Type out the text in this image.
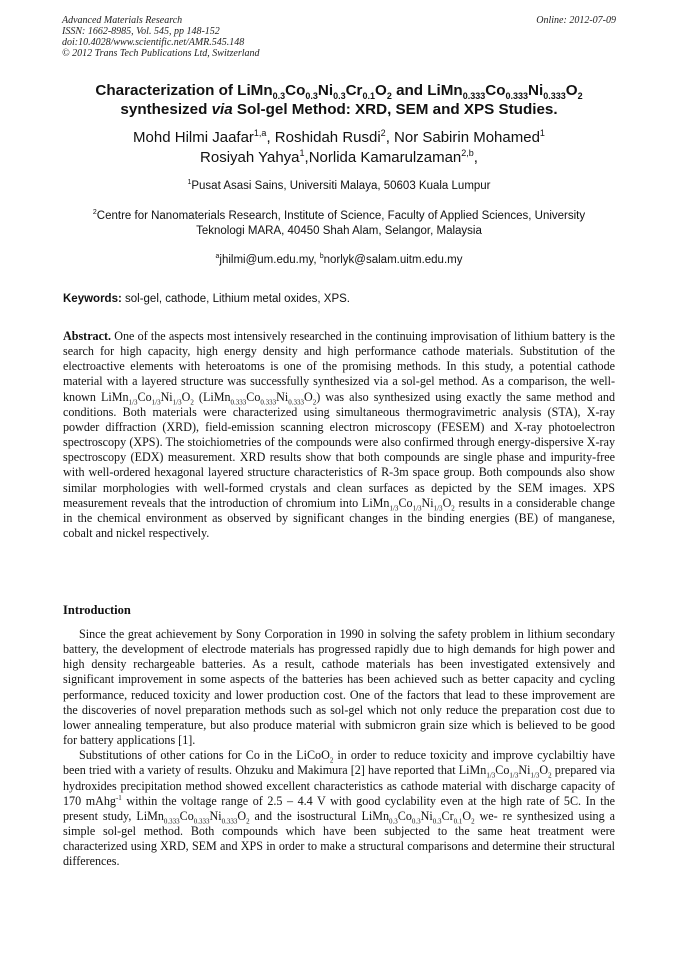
Advanced Materials Research
ISSN: 1662-8985, Vol. 545, pp 148-152
doi:10.4028/www.scientific.net/AMR.545.148
© 2012 Trans Tech Publications Ltd, Switzerland
Online: 2012-07-09
Characterization of $LiMn_{0.3}Co_{0.3}Ni_{0.3}Cr_{0.1}O_2$ and $LiMn_{0.333}Co_{0.333}Ni_{0.333}O_2$
synthesized via Sol-gel Method: XRD, SEM and XPS Studies.
Mohd Hilmi Jaafar$^{1,a}$, Roshidah Rusdi$^2$, Nor Sabirin Mohamed$^1$
Rosiyah Yahya$^1$,Norlida Kamarulzaman$^{2,b}$,
$^1$Pusat Asasi Sains, Universiti Malaya, 50603 Kuala Lumpur
$^2$Centre for Nanomaterials Research, Institute of Science, Faculty of Applied Sciences, University
Teknologi MARA, 40450 Shah Alam, Selangor, Malaysia
$^a$jhilmi@um.edu.my, $^b$norlyk@salam.uitm.edu.my
Keywords: sol-gel, cathode, Lithium metal oxides, XPS.

Abstract. One of the aspects most intensively researched in the continuing improvisation of lithium battery is the search for high capacity, high energy density and high performance cathode materials. Substitution of the electroactive elements with heteroatoms is one of the promising methods. In this study, a potential cathode material with a layered structure was successfully synthesized via a sol-gel method. As a comparison, the well-known $LiMn_{1/3}Co_{1/3}Ni_{1/3}O_2$ $(LiMn_{0.333}Co_{0.333}Ni_{0.333}O_2)$ was also synthesized using exactly the same method and conditions. Both materials were characterized using simultaneous thermogravimetric analysis (STA), X-ray powder diffraction (XRD), field-emission scanning electron microscopy (FESEM) and X-ray photoelectron spectroscopy (XPS). The stoichiometries of the compounds were also confirmed through energy-dispersive X-ray spectroscopy (EDX) measurement. XRD results show that both compounds are single phase and impurity-free with well-ordered hexagonal layered structure characteristics of R-3m space group. Both compounds also show similar morphologies with well-formed crystals and clean surfaces as depicted by the SEM images. XPS measurement reveals that the introduction of chromium into $LiMn_{1/3}Co_{1/3}Ni_{1/3}O_2$ results in a considerable change in the chemical environment as observed by significant changes in the binding energies (BE) of manganese, cobalt and nickel respectively.

Introduction

Since the great achievement by Sony Corporation in 1990 in solving the safety problem in lithium secondary battery, the development of electrode materials has progressed rapidly due to high demands for high power and high density rechargeable batteries. As a result, cathode materials has been investigated extensively and significant improvement in some aspects of the batteries has been achieved such as better capacity and cycling performance, reduced toxicity and lower production cost. One of the factors that lead to these improvement are the discoveries of novel preparation methods such as sol-gel which not only reduce the preparation cost due to lower annealing temperature, but also produce material with submicron grain size which is believed to be good for battery applications [1].

Substitutions of other cations for Co in the LiCoO$_2$ in order to reduce toxicity and improve cyclabiltiy have been tried with a variety of results. Ohzuku and Makimura [2] have reported that $LiMn_{1/3}Co_{1/3}Ni_{1/3}O_2$ prepared via hydroxides precipitation method showed excellent characteristics as cathode material with discharge capacity of 170 mAhg$^{-1}$ within the voltage range of 2.5 – 4.4 V with good cyclability even at the high rate of 5C. In the present study, $LiMn_{0.333}Co_{0.333}Ni_{0.333}O_2$ and the isostructural $LiMn_{0.3}Co_{0.3}Ni_{0.3}Cr_{0.1}O_2$ we- re synthesized using a simple sol-gel method. Both compounds which have been subjected to the same heat treatment were characterized using XRD, SEM and XPS in order to make a structural comparisons and determine their structural differences.
